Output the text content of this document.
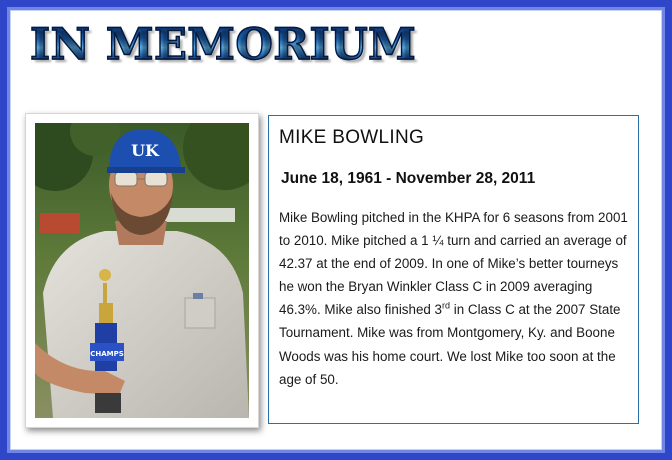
IN MEMORIUM
UK
CHAMPS
MIKE BOWLING

June 18, 1961 - November 28, 2011

Mike Bowling pitched in the KHPA for 6 seasons from 2001 to 2010. Mike pitched a 1 ¼ turn and carried an average of 42.37 at the end of 2009. In one of Mike’s better tourneys he won the Bryan Winkler Class C in 2009 averaging 46.3%. Mike also finished 3rd in Class C at the 2007 State Tournament. Mike was from Montgomery, Ky. and Boone Woods was his home court. We lost Mike too soon at the age of 50.
